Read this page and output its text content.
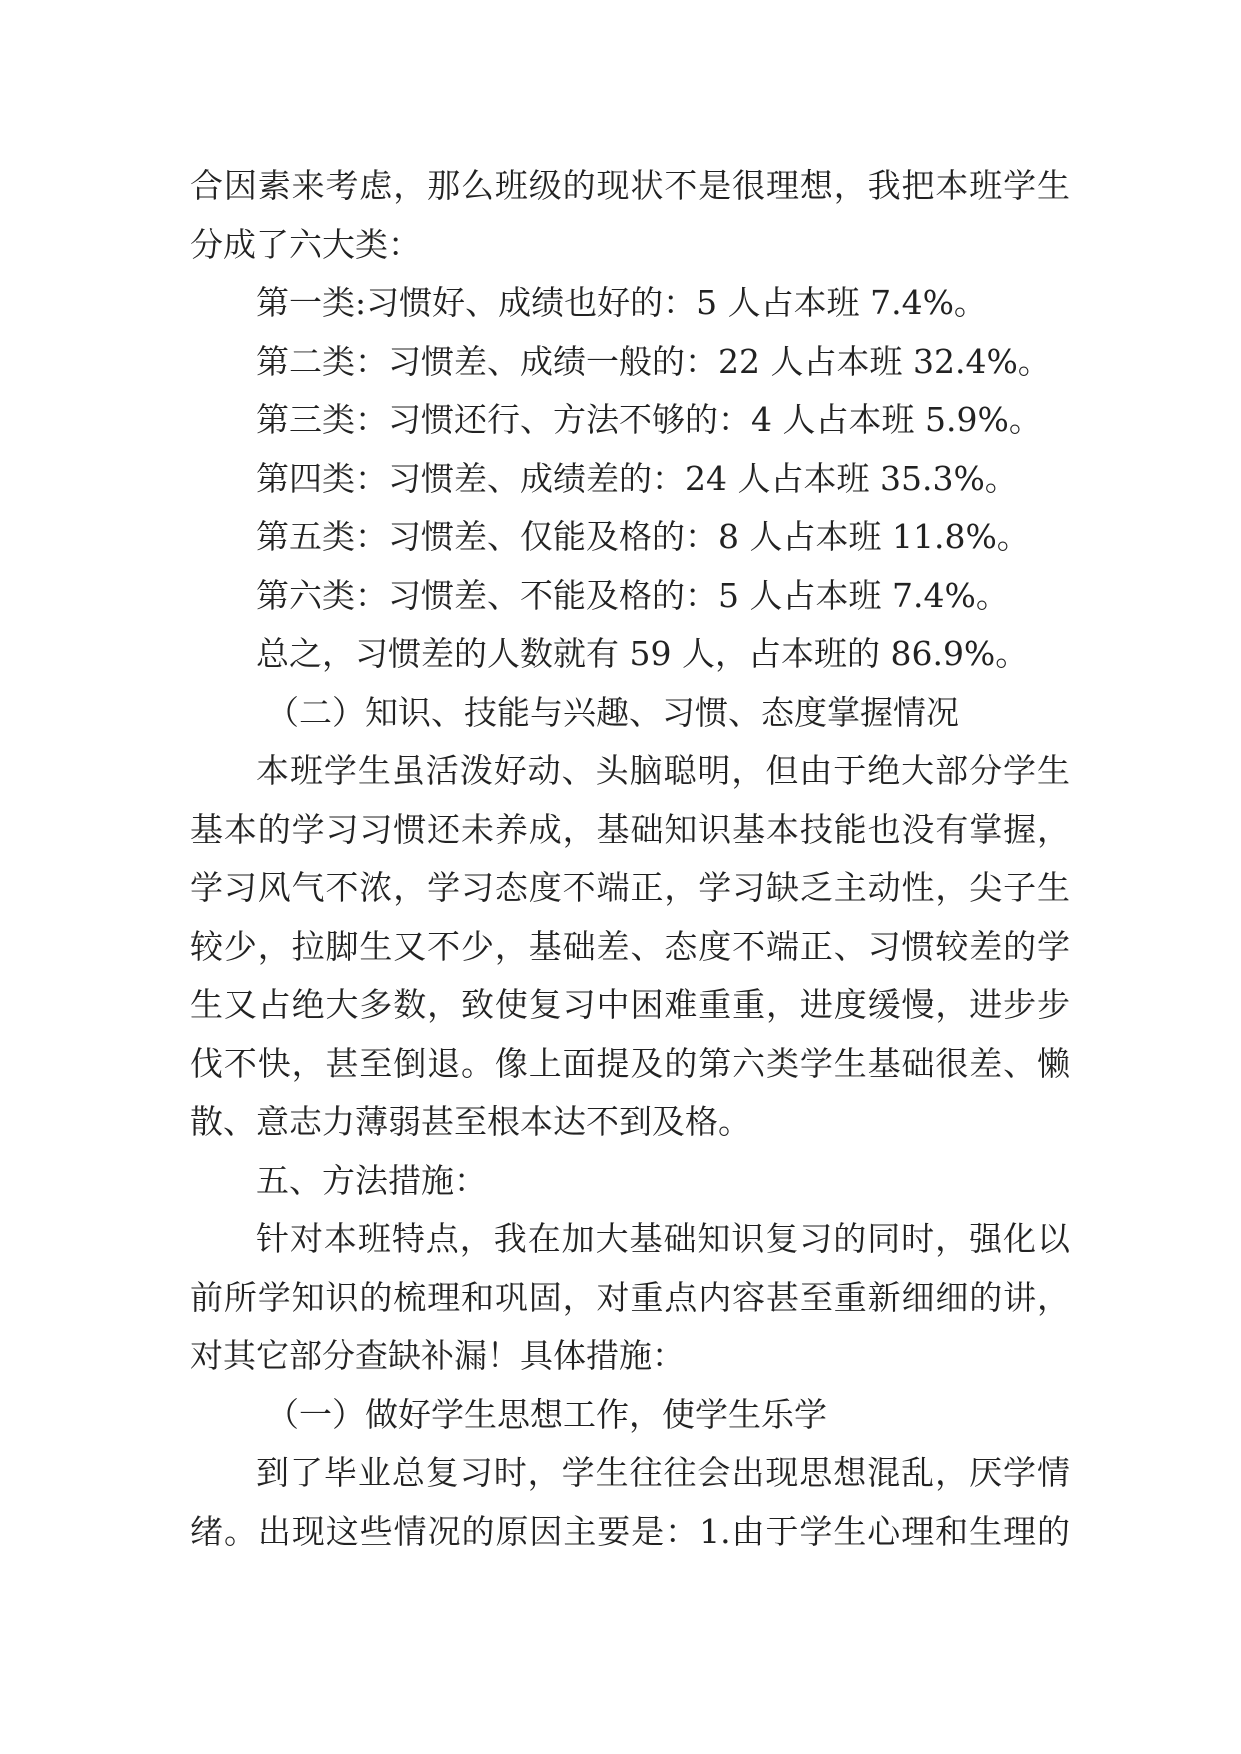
合因素来考虑，那么班级的现状不是很理想，我把本班学生
分成了六大类：
第一类:习惯好、成绩也好的：5 人占本班 7.4%。
第二类：习惯差、成绩一般的：22 人占本班 32.4%。
第三类：习惯还行、方法不够的：4 人占本班 5.9%。
第四类：习惯差、成绩差的：24 人占本班 35.3%。
第五类：习惯差、仅能及格的：8 人占本班 11.8%。
第六类：习惯差、不能及格的：5 人占本班 7.4%。
总之，习惯差的人数就有 59 人，占本班的 86.9%。
（二）知识、技能与兴趣、习惯、态度掌握情况
本班学生虽活泼好动、头脑聪明，但由于绝大部分学生
基本的学习习惯还未养成，基础知识基本技能也没有掌握，
学习风气不浓，学习态度不端正，学习缺乏主动性，尖子生
较少，拉脚生又不少，基础差、态度不端正、习惯较差的学
生又占绝大多数，致使复习中困难重重，进度缓慢，进步步
伐不快，甚至倒退。像上面提及的第六类学生基础很差、懒
散、意志力薄弱甚至根本达不到及格。
五、方法措施：
针对本班特点，我在加大基础知识复习的同时，强化以
前所学知识的梳理和巩固，对重点内容甚至重新细细的讲，
对其它部分查缺补漏！具体措施：
（一）做好学生思想工作，使学生乐学
到了毕业总复习时，学生往往会出现思想混乱，厌学情
绪。出现这些情况的原因主要是：1.由于学生心理和生理的
